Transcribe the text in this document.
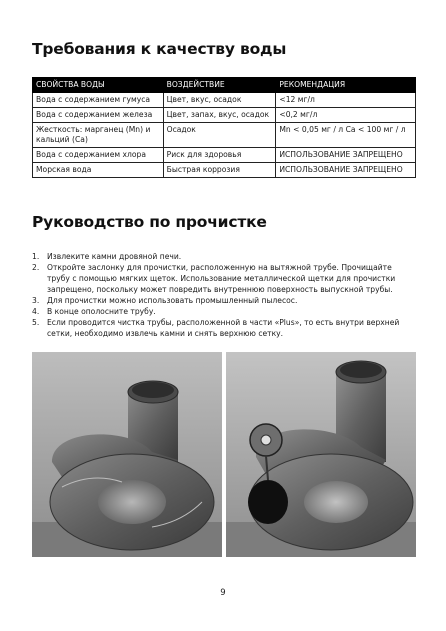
Требования к качеству воды
СВОЙСТВА ВОДЫ	ВОЗДЕЙСТВИЕ	РЕКОМЕНДАЦИЯ
Вода с содержанием гумуса	Цвет, вкус, осадок	<12 мг/л
Вода с содержанием железа	Цвет, запах, вкус, осадок	<0,2 мг/л
Жесткость: марганец (Mn) и кальций (Ca)	Осадок	Mn < 0,05 мг / л Ca < 100 мг / л
Вода с содержанием хлора	Риск для здоровья	ИСПОЛЬЗОВАНИЕ ЗАПРЕЩЕНО
Морская вода	Быстрая коррозия	ИСПОЛЬЗОВАНИЕ ЗАПРЕЩЕНО
Руководство по прочистке
1. Извлеките камни дровяной печи.
2. Откройте заслонку для прочистки, расположенную на вытяжной трубе. Прочищайте трубу с помощью мягких щеток. Использование металлической щетки для прочистки запрещено, поскольку может повредить внутреннюю поверхность выпускной трубы.
3. Для прочистки можно использовать промышленный пылесос.
4. В конце ополосните трубу.
5. Если проводится чистка трубы, расположенной в части «Plus», то есть внутри верхней сетки, необходимо извлечь камни и снять верхнюю сетку.
9
